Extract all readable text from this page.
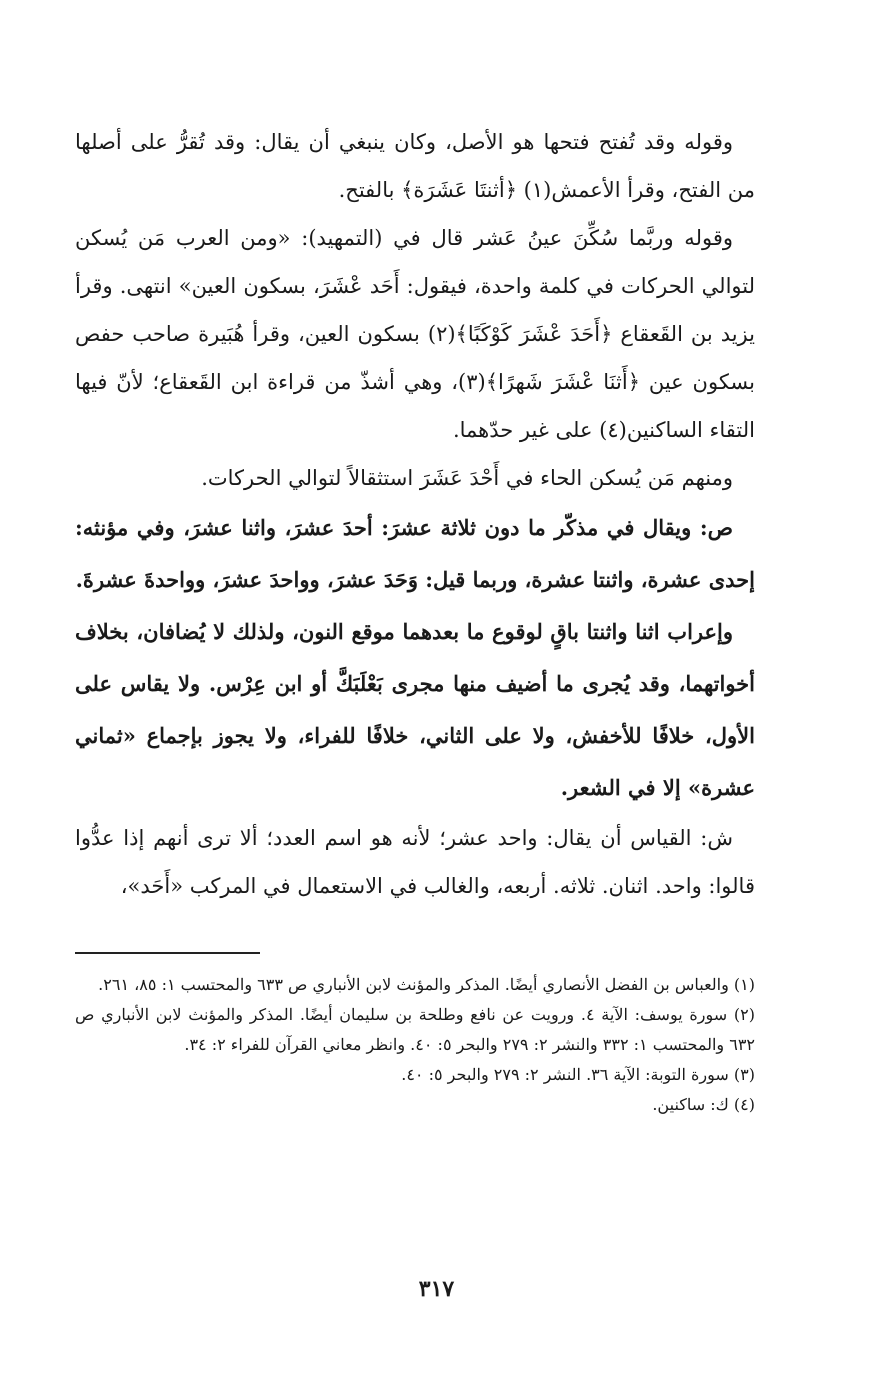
وقوله وقد تُفتح فتحها هو الأصل، وكان ينبغي أن يقال: وقد تُقرُّ على أصلها من الفتح، وقرأ الأعمش(١) ﴿أثنتَا عَشَرَة﴾ بالفتح.

وقوله وربَّما سُكِّنَ عينُ عَشر قال في (التمهيد): «ومن العرب مَن يُسكن لتوالي الحركات في كلمة واحدة، فيقول: أَحَد عْشَرَ، بسكون العين» انتهى. وقرأ يزيد بن القَعقاع ﴿أَحَدَ عْشَرَ كَوْكَبًا﴾(٢) بسكون العين، وقرأ هُبَيرة صاحب حفص بسكون عين ﴿أَثنَا عْشَرَ شَهرًا﴾(٣)، وهي أشذّ من قراءة ابن القَعقاع؛ لأنّ فيها التقاء الساكنين(٤) على غير حدّهما.

ومنهم مَن يُسكن الحاء في أَحْدَ عَشَرَ استثقالاً لتوالي الحركات.

ص: ويقال في مذكّر ما دون ثلاثة عشرَ: أحدَ عشرَ، واثنا عشرَ، وفي مؤنثه: إحدى عشرة، واثنتا عشرة، وربما قيل: وَحَدَ عشرَ، وواحدَ عشرَ، وواحدةَ عشرةَ.

وإعراب اثنا واثنتا باقٍ لوقوع ما بعدهما موقع النون، ولذلك لا يُضافان، بخلاف أخواتهما، وقد يُجرى ما أضيف منها مجرى بَعْلَبَكَّ أو ابن عِرْس. ولا يقاس على الأول، خلافًا للأخفش، ولا على الثاني، خلافًا للفراء، ولا يجوز بإجماع «ثماني عشرة» إلا في الشعر.

ش: القياس أن يقال: واحد عشر؛ لأنه هو اسم العدد؛ ألا ترى أنهم إذا عدُّوا قالوا: واحد. اثنان. ثلاثه. أربعه، والغالب في الاستعمال في المركب «أَحَد»،

(١) والعباس بن الفضل الأنصاري أيضًا. المذكر والمؤنث لابن الأنباري ص ٦٣٣ والمحتسب ١: ٨٥، ٢٦١.

(٢) سورة يوسف: الآية ٤. ورويت عن نافع وطلحة بن سليمان أيضًا. المذكر والمؤنث لابن الأنباري ص ٦٣٢ والمحتسب ١: ٣٣٢ والنشر ٢: ٢٧٩ والبحر ٥: ٤٠. وانظر معاني القرآن للفراء ٢: ٣٤.

(٣) سورة التوبة: الآية ٣٦. النشر ٢: ٢٧٩ والبحر ٥: ٤٠.

(٤) ك: ساكنين.

٣١٧
